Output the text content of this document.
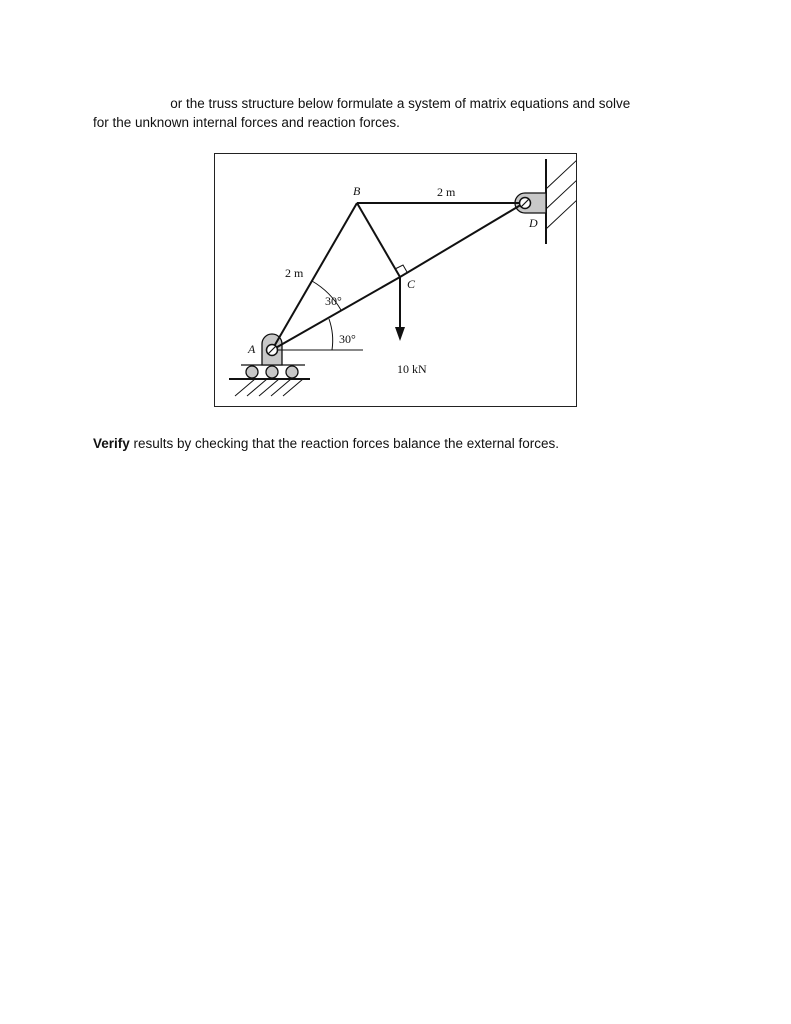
Problem 1. For the truss structure below formulate a system of matrix equations and solve
for the unknown internal forces and reaction forces.
B
C
D
A
2 m
2 m
30°
30°
10 kN
Verify results by checking that the reaction forces balance the external forces.
